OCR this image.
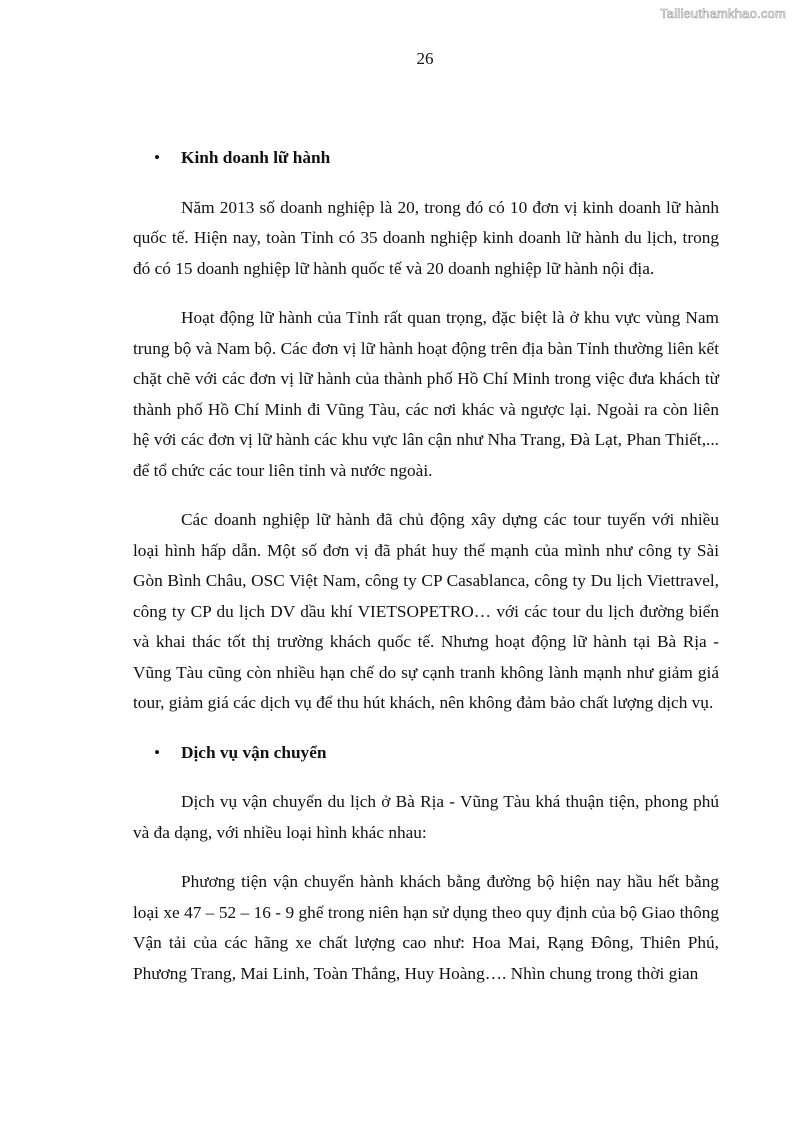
Tailieuthamkhao.com
26
• Kinh doanh lữ hành

Năm 2013 số doanh nghiệp là 20, trong đó có 10 đơn vị kinh doanh lữ hành quốc tế. Hiện nay, toàn Tỉnh có 35 doanh nghiệp kinh doanh lữ hành du lịch, trong đó có 15 doanh nghiệp lữ hành quốc tế và 20 doanh nghiệp lữ hành nội địa.

Hoạt động lữ hành của Tỉnh rất quan trọng, đặc biệt là ở khu vực vùng Nam trung bộ và Nam bộ. Các đơn vị lữ hành hoạt động trên địa bàn Tỉnh thường liên kết chặt chẽ với các đơn vị lữ hành của thành phố Hồ Chí Minh trong việc đưa khách từ thành phố Hồ Chí Minh đi Vũng Tàu, các nơi khác và ngược lại. Ngoài ra còn liên hệ với các đơn vị lữ hành các khu vực lân cận như Nha Trang, Đà Lạt, Phan Thiết,... để tổ chức các tour liên tỉnh và nước ngoài.

Các doanh nghiệp lữ hành đã chủ động xây dựng các tour tuyến với nhiều loại hình hấp dẫn. Một số đơn vị đã phát huy thế mạnh của mình như công ty Sài Gòn Bình Châu, OSC Việt Nam, công ty CP Casablanca, công ty Du lịch Viettravel, công ty CP du lịch DV dầu khí VIETSOPETRO… với các tour du lịch đường biển và khai thác tốt thị trường khách quốc tế. Nhưng hoạt động lữ hành tại Bà Rịa - Vũng Tàu cũng còn nhiều hạn chế do sự cạnh tranh không lành mạnh như giảm giá tour, giảm giá các dịch vụ để thu hút khách, nên không đảm bảo chất lượng dịch vụ.

• Dịch vụ vận chuyển

Dịch vụ vận chuyển du lịch ở Bà Rịa - Vũng Tàu khá thuận tiện, phong phú và đa dạng, với nhiều loại hình khác nhau:

Phương tiện vận chuyển hành khách bằng đường bộ hiện nay hầu hết bằng loại xe 47 – 52 – 16 - 9 ghế trong niên hạn sử dụng theo quy định của bộ Giao thông Vận tải của các hãng xe chất lượng cao như: Hoa Mai, Rạng Đông, Thiên Phú, Phương Trang, Mai Linh, Toàn Thắng, Huy Hoàng…. Nhìn chung trong thời gian
